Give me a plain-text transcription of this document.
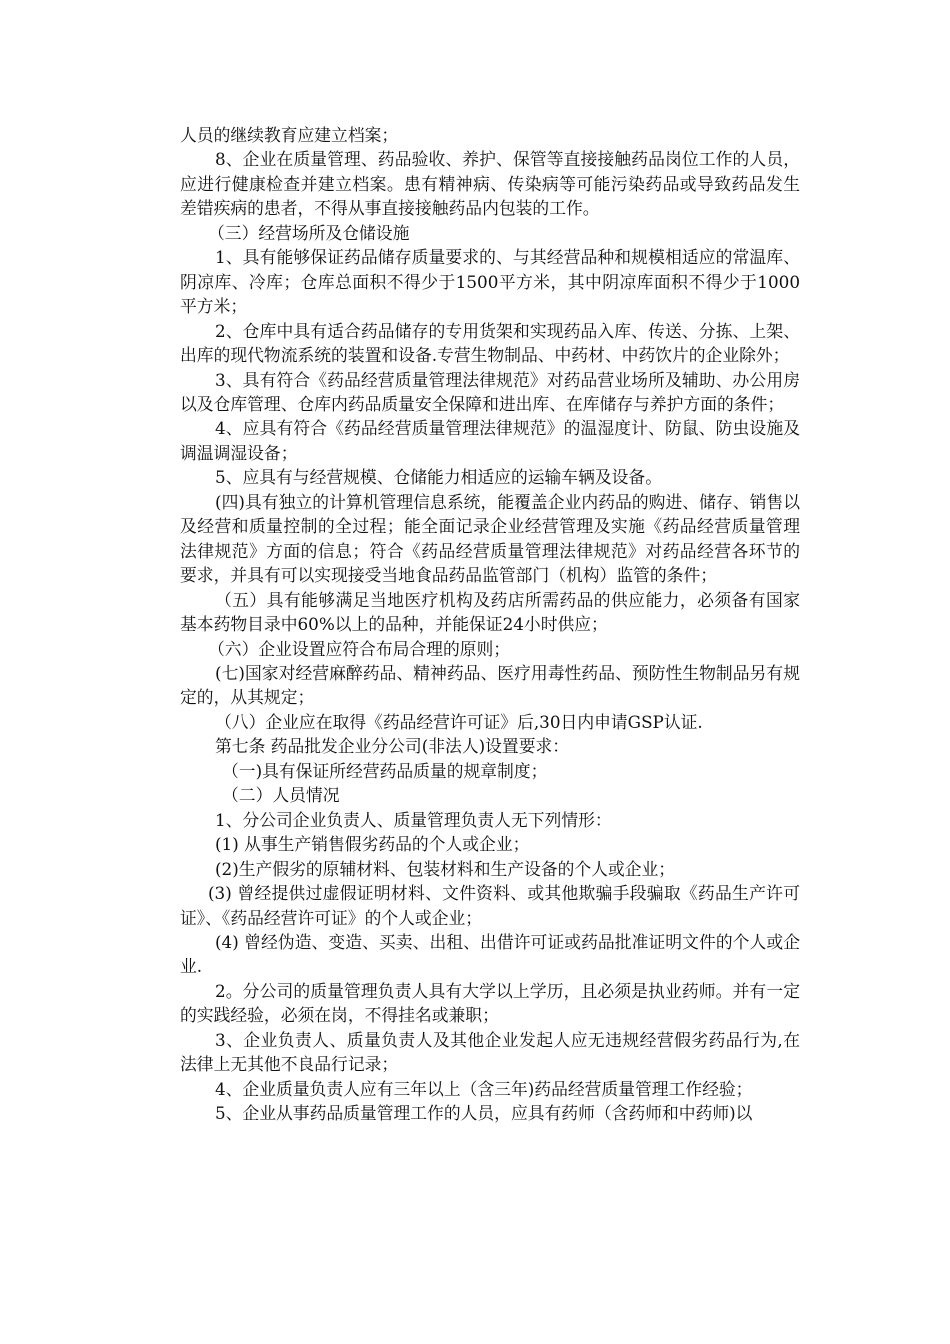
人员的继续教育应建立档案；

8、企业在质量管理、药品验收、养护、保管等直接接触药品岗位工作的人员，应进行健康检查并建立档案。患有精神病、传染病等可能污染药品或导致药品发生差错疾病的患者，不得从事直接接触药品内包装的工作。

（三）经营场所及仓储设施

1、具有能够保证药品储存质量要求的、与其经营品种和规模相适应的常温库、阴凉库、冷库；仓库总面积不得少于1500平方米，其中阴凉库面积不得少于1000平方米；

2、仓库中具有适合药品储存的专用货架和实现药品入库、传送、分拣、上架、出库的现代物流系统的装置和设备.专营生物制品、中药材、中药饮片的企业除外；

3、具有符合《药品经营质量管理法律规范》对药品营业场所及辅助、办公用房以及仓库管理、仓库内药品质量安全保障和进出库、在库储存与养护方面的条件；

4、应具有符合《药品经营质量管理法律规范》的温湿度计、防鼠、防虫设施及调温调湿设备；

5、应具有与经营规模、仓储能力相适应的运输车辆及设备。

(四)具有独立的计算机管理信息系统，能覆盖企业内药品的购进、储存、销售以及经营和质量控制的全过程；能全面记录企业经营管理及实施《药品经营质量管理法律规范》方面的信息；符合《药品经营质量管理法律规范》对药品经营各环节的要求，并具有可以实现接受当地食品药品监管部门（机构）监管的条件；

（五）具有能够满足当地医疗机构及药店所需药品的供应能力，必须备有国家基本药物目录中60%以上的品种，并能保证24小时供应；

（六）企业设置应符合布局合理的原则；

(七)国家对经营麻醉药品、精神药品、医疗用毒性药品、预防性生物制品另有规定的，从其规定；

（八）企业应在取得《药品经营许可证》后,30日内申请GSP认证.

第七条 药品批发企业分公司(非法人)设置要求：

（一)具有保证所经营药品质量的规章制度；

（二）人员情况

1、分公司企业负责人、质量管理负责人无下列情形：

(1) 从事生产销售假劣药品的个人或企业；

(2)生产假劣的原辅材料、包装材料和生产设备的个人或企业；

(3) 曾经提供过虚假证明材料、文件资料、或其他欺骗手段骗取《药品生产许可证》、《药品经营许可证》的个人或企业；

(4) 曾经伪造、变造、买卖、出租、出借许可证或药品批准证明文件的个人或企业.

2。分公司的质量管理负责人具有大学以上学历，且必须是执业药师。并有一定的实践经验，必须在岗，不得挂名或兼职；

3、企业负责人、质量负责人及其他企业发起人应无违规经营假劣药品行为,在法律上无其他不良品行记录；

4、企业质量负责人应有三年以上（含三年)药品经营质量管理工作经验；

5、企业从事药品质量管理工作的人员，应具有药师（含药师和中药师)以
